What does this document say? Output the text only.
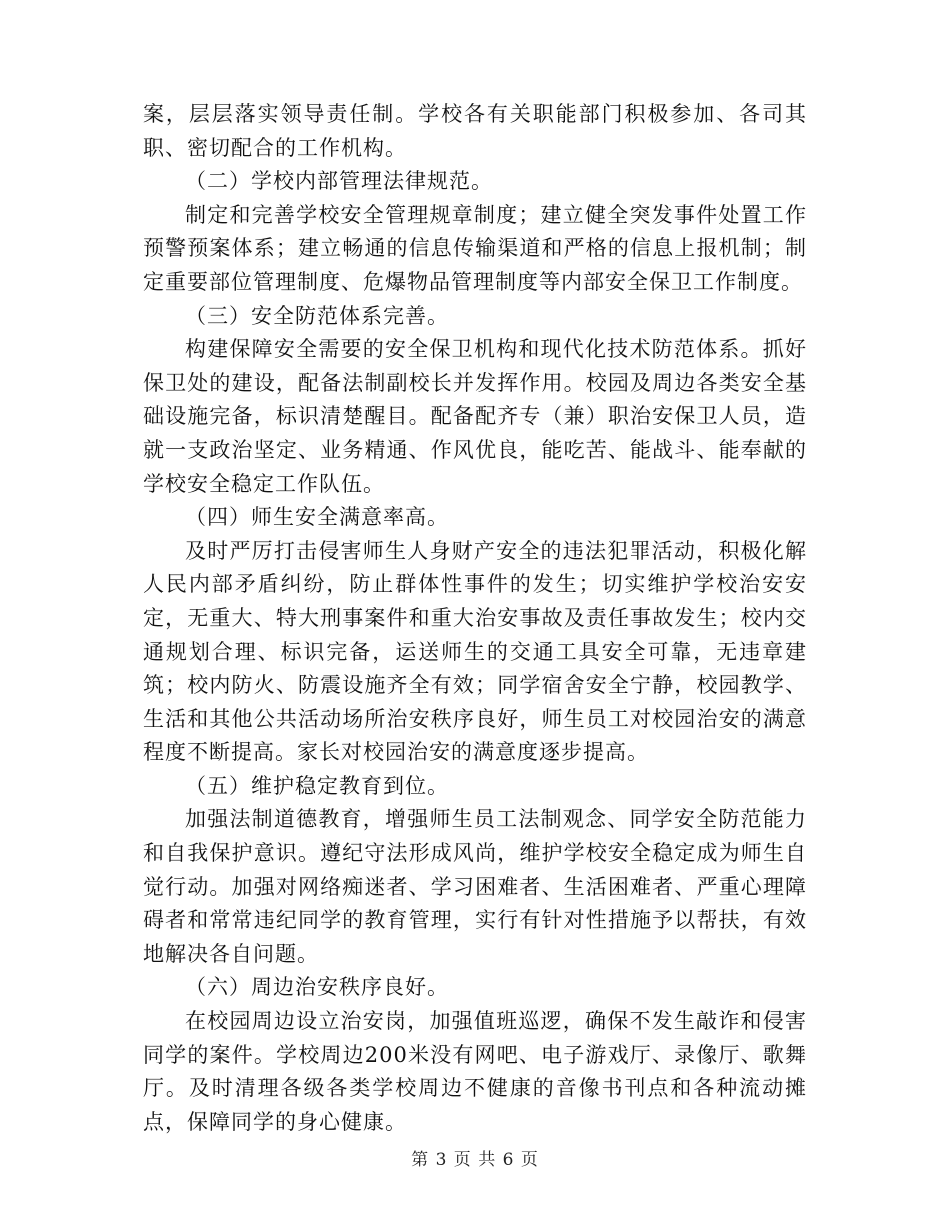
案，层层落实领导责任制。学校各有关职能部门积极参加、各司其职、密切配合的工作机构。

（二）学校内部管理法律规范。

制定和完善学校安全管理规章制度；建立健全突发事件处置工作预警预案体系；建立畅通的信息传输渠道和严格的信息上报机制；制定重要部位管理制度、危爆物品管理制度等内部安全保卫工作制度。

（三）安全防范体系完善。

构建保障安全需要的安全保卫机构和现代化技术防范体系。抓好保卫处的建设，配备法制副校长并发挥作用。校园及周边各类安全基础设施完备，标识清楚醒目。配备配齐专（兼）职治安保卫人员，造就一支政治坚定、业务精通、作风优良，能吃苦、能战斗、能奉献的学校安全稳定工作队伍。

（四）师生安全满意率高。

及时严厉打击侵害师生人身财产安全的违法犯罪活动，积极化解人民内部矛盾纠纷，防止群体性事件的发生；切实维护学校治安安定，无重大、特大刑事案件和重大治安事故及责任事故发生；校内交通规划合理、标识完备，运送师生的交通工具安全可靠，无违章建筑；校内防火、防震设施齐全有效；同学宿舍安全宁静，校园教学、生活和其他公共活动场所治安秩序良好，师生员工对校园治安的满意程度不断提高。家长对校园治安的满意度逐步提高。

（五）维护稳定教育到位。

加强法制道德教育，增强师生员工法制观念、同学安全防范能力和自我保护意识。遵纪守法形成风尚，维护学校安全稳定成为师生自觉行动。加强对网络痴迷者、学习困难者、生活困难者、严重心理障碍者和常常违纪同学的教育管理，实行有针对性措施予以帮扶，有效地解决各自问题。

（六）周边治安秩序良好。

在校园周边设立治安岗，加强值班巡逻，确保不发生敲诈和侵害同学的案件。学校周边200米没有网吧、电子游戏厅、录像厅、歌舞厅。及时清理各级各类学校周边不健康的音像书刊点和各种流动摊点，保障同学的身心健康。

第 3 页 共 6 页
